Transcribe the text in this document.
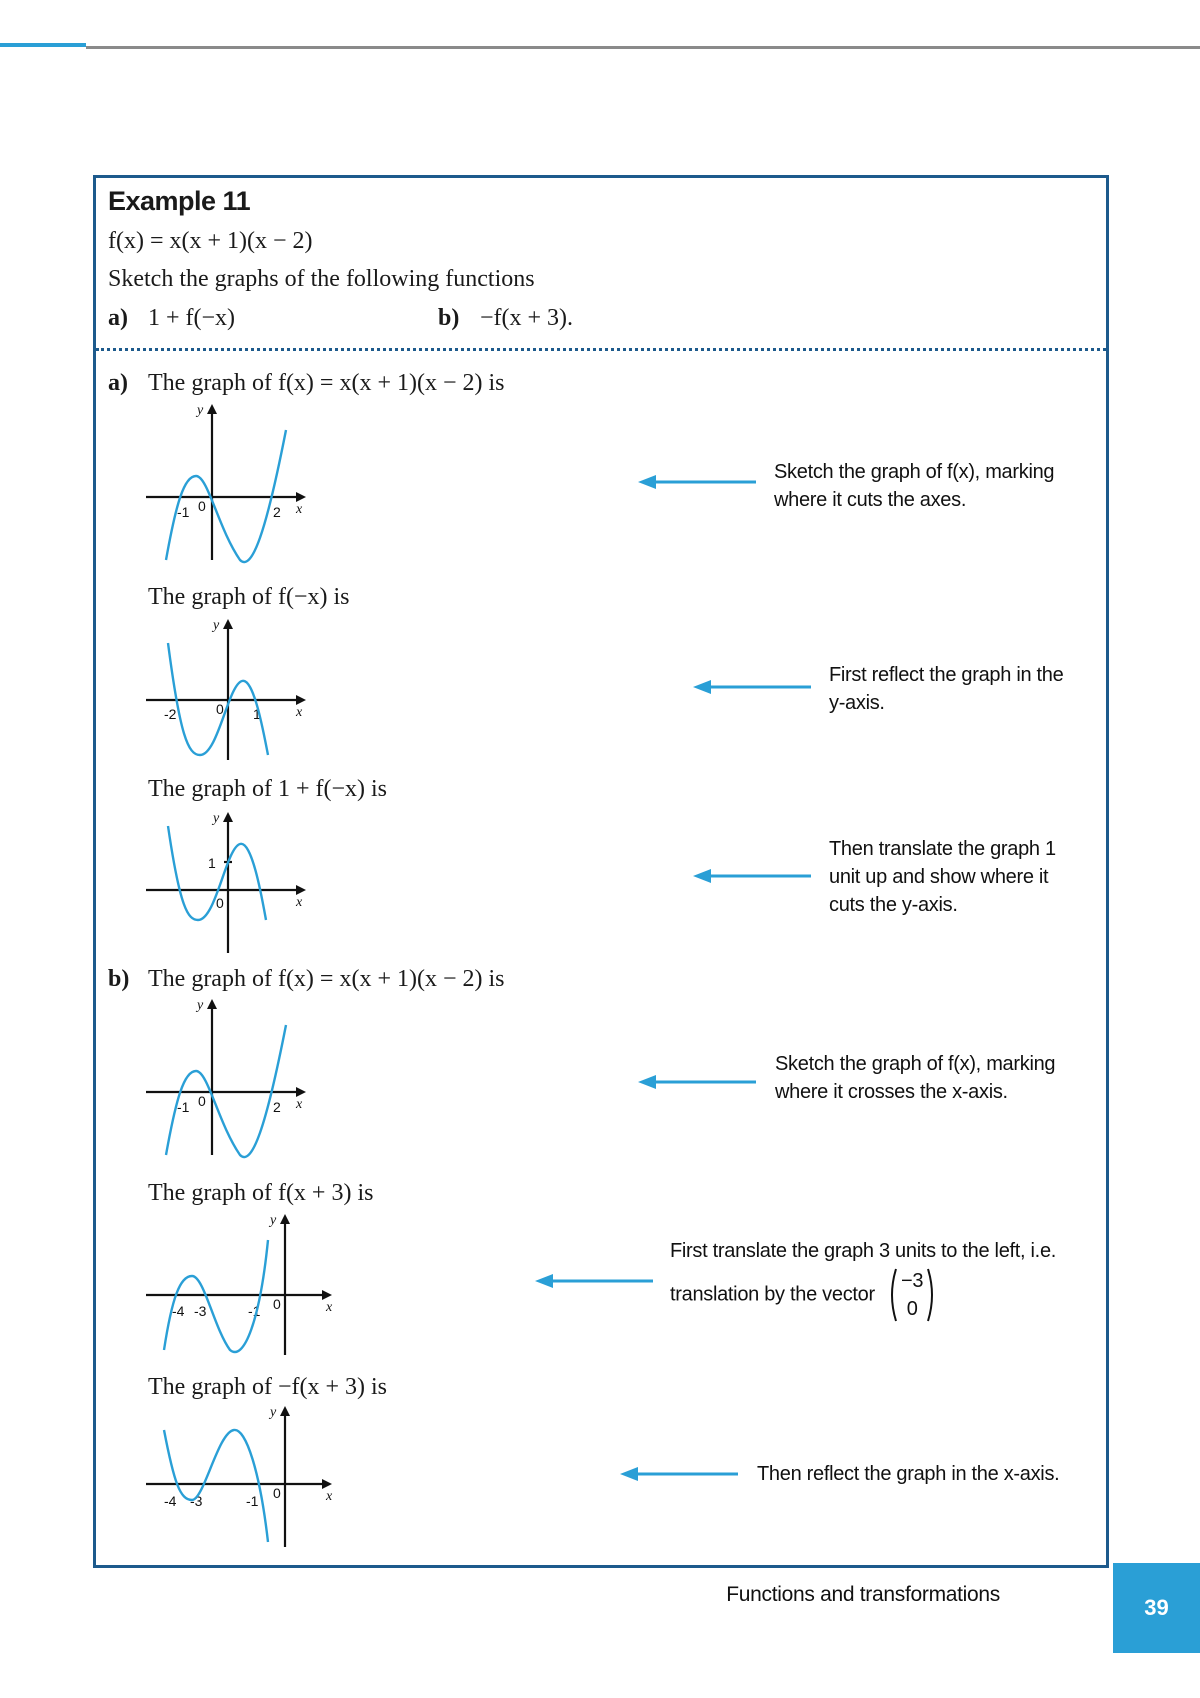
Example 11
f(x) = x(x + 1)(x − 2)
Sketch the graphs of the following functions
a) 1 + f(−x)	b) −f(x + 3).
a) The graph of f(x) = x(x + 1)(x − 2) is
The graph of f(−x) is
The graph of 1 + f(−x) is
b) The graph of f(x) = x(x + 1)(x − 2) is
The graph of f(x + 3) is
The graph of −f(x + 3) is
y
x
0
-1	2
y
x
0
-2	1
y
x
0
1
y
x
0
-1	2
y
x
0
-4 -3	-1
y
x
0
-4 -3	-1
Sketch the graph of f(x), marking where it cuts the axes.
First reflect the graph in the y-axis.
Then translate the graph 1 unit up and show where it cuts the y-axis.
Sketch the graph of f(x), marking where it crosses the x-axis.
First translate the graph 3 units to the left, i.e. translation by the vector
−3
0
Then reflect the graph in the x-axis.
Functions and transformations
39
